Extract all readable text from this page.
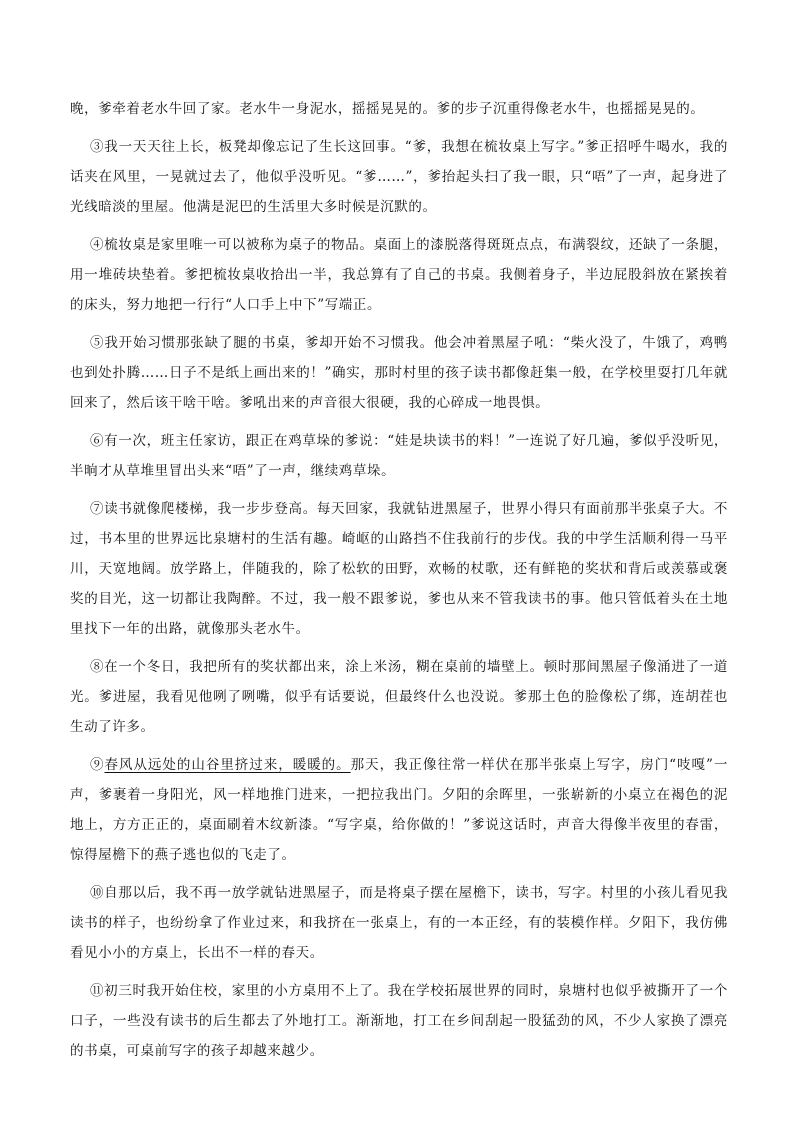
晚，爹牵着老水牛回了家。老水牛一身泥水，摇摇晃晃的。爹的步子沉重得像老水牛，也摇摇晃晃的。

③我一天天往上长，板凳却像忘记了生长这回事。“爹，我想在梳妆桌上写字。”爹正招呼牛喝水，我的话夹在风里，一晃就过去了，他似乎没听见。“爹……”，爹抬起头扫了我一眼，只“唔”了一声，起身进了光线暗淡的里屋。他满是泥巴的生活里大多时候是沉默的。

④梳妆桌是家里唯一可以被称为桌子的物品。桌面上的漆脱落得斑斑点点，布满裂纹，还缺了一条腿，用一堆砖块垫着。爹把梳妆桌收拾出一半，我总算有了自己的书桌。我侧着身子，半边屁股斜放在紧挨着的床头，努力地把一行行“人口手上中下”写端正。

⑤我开始习惯那张缺了腿的书桌，爹却开始不习惯我。他会冲着黑屋子吼：“柴火没了，牛饿了，鸡鸭也到处扑腾……日子不是纸上画出来的！”确实，那时村里的孩子读书都像赶集一般，在学校里耍打几年就回来了，然后该干啥干啥。爹吼出来的声音很大很硬，我的心碎成一地畏惧。

⑥有一次，班主任家访，跟正在鸡草垛的爹说：“娃是块读书的料！”一连说了好几遍，爹似乎没听见，半晌才从草堆里冒出头来“唔”了一声，继续鸡草垛。

⑦读书就像爬楼梯，我一步步登高。每天回家，我就钻进黑屋子，世界小得只有面前那半张桌子大。不过，书本里的世界远比泉塘村的生活有趣。崎岖的山路挡不住我前行的步伐。我的中学生活顺利得一马平川，天宽地阔。放学路上，伴随我的，除了松软的田野，欢畅的杖歌，还有鲜艳的奖状和背后或羡慕或褒奖的目光，这一切都让我陶醉。不过，我一般不跟爹说，爹也从来不管我读书的事。他只管低着头在土地里找下一年的出路，就像那头老水牛。

⑧在一个冬日，我把所有的奖状都出来，涂上米汤，糊在桌前的墙壁上。顿时那间黑屋子像涌进了一道光。爹进屋，我看见他咧了咧嘴，似乎有话要说，但最终什么也没说。爹那土色的脸像松了绑，连胡茬也生动了许多。

⑨春风从远处的山谷里挤过来，暖暖的。那天，我正像往常一样伏在那半张桌上写字，房门“吱嘎”一声，爹裹着一身阳光，风一样地推门进来，一把拉我出门。夕阳的余晖里，一张崭新的小桌立在褐色的泥地上，方方正正的，桌面刷着木纹新漆。“写字桌，给你做的！”爹说这话时，声音大得像半夜里的春雷，惊得屋檐下的燕子逃也似的飞走了。

⑩自那以后，我不再一放学就钻进黑屋子，而是将桌子摆在屋檐下，读书，写字。村里的小孩儿看见我读书的样子，也纷纷拿了作业过来，和我挤在一张桌上，有的一本正经，有的装模作样。夕阳下，我仿佛看见小小的方桌上，长出不一样的春天。

⑪初三时我开始住校，家里的小方桌用不上了。我在学校拓展世界的同时，泉塘村也似乎被撕开了一个口子，一些没有读书的后生都去了外地打工。渐渐地，打工在乡间刮起一股猛劲的风，不少人家换了漂亮的书桌，可桌前写字的孩子却越来越少。
